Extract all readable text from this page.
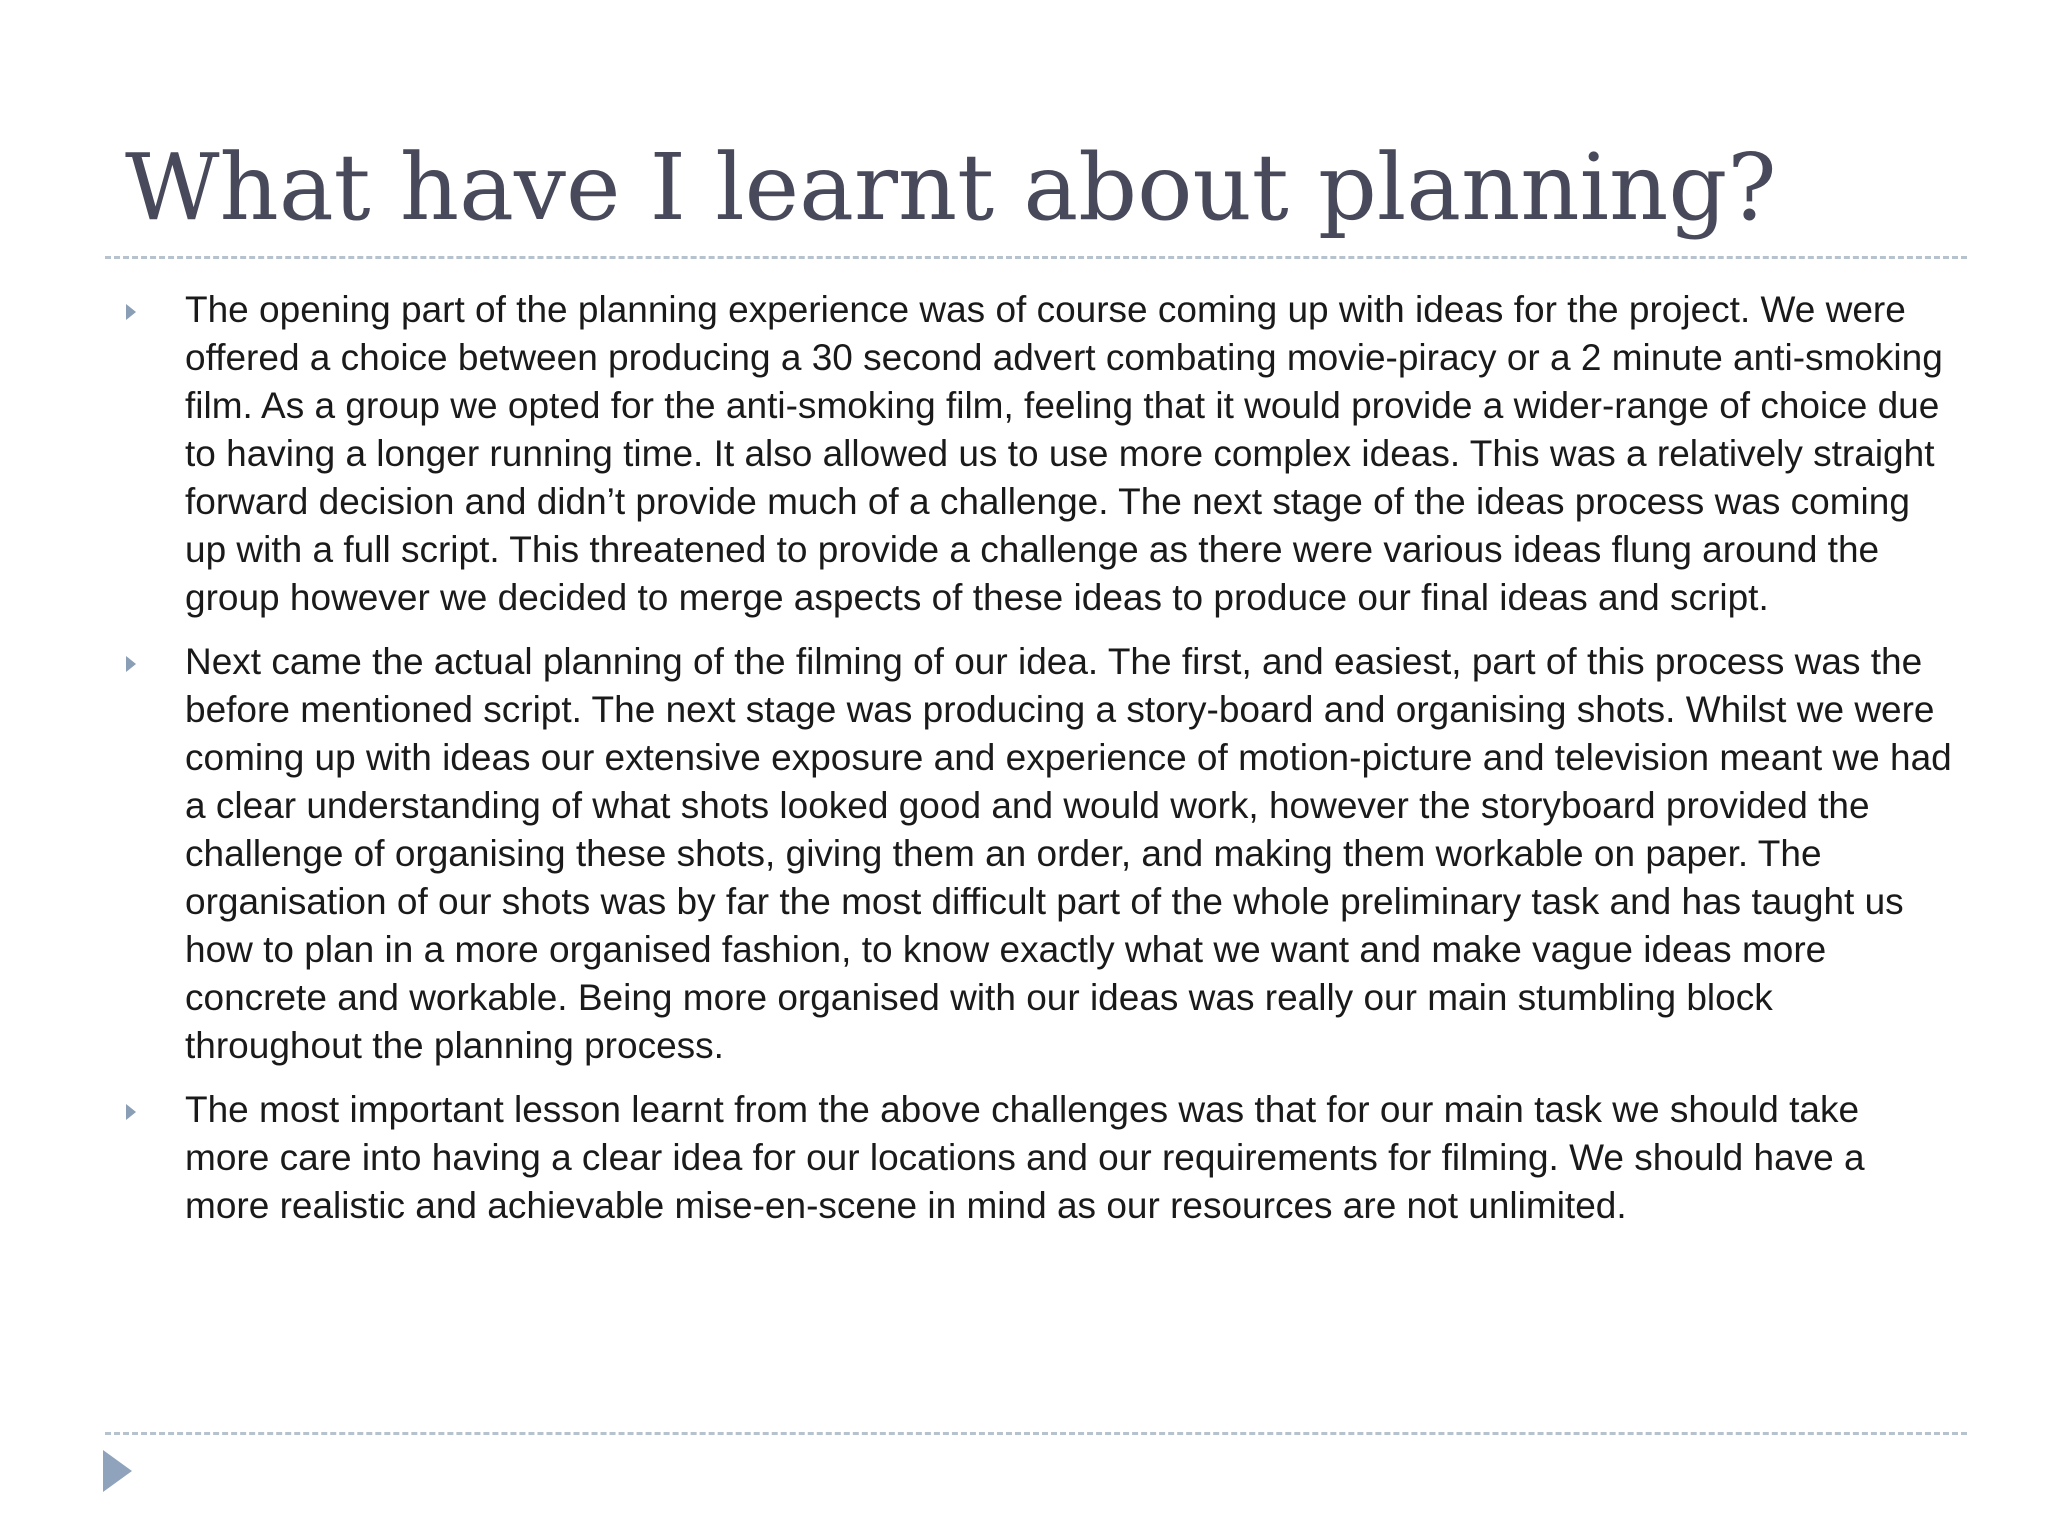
What have I learnt about planning?
The opening part of the planning experience was of course coming up with ideas for the project. We were offered a choice between producing a 30 second advert combating movie-piracy or a 2 minute anti-smoking film. As a group we opted for the anti-smoking film, feeling that it would provide a wider-range of choice due to having a longer running time. It also allowed us to use more complex ideas. This was a relatively straight forward decision and didn’t provide much of a challenge. The next stage of the ideas process was coming up with a full script. This threatened to provide a challenge as there were various ideas flung around the group however we decided to merge aspects of these ideas to produce our final ideas and script.
Next came the actual planning of the filming of our idea. The first, and easiest, part of this process was the before mentioned script. The next stage was producing a story-board and organising shots. Whilst we were coming up with ideas our extensive exposure and experience of motion-picture and television meant we had a clear understanding of what shots looked good and would work, however the storyboard provided the challenge of organising these shots, giving them an order, and making them workable on paper. The organisation of our shots was by far the most difficult part of the whole preliminary task and has taught us how to plan in a more organised fashion, to know exactly what we want and make vague ideas more concrete and workable. Being more organised with our ideas was really our main stumbling block throughout the planning process.
The most important lesson learnt from the above challenges was that for our main task we should take more care into having a clear idea for our locations and our requirements for filming. We should have a more realistic and achievable mise-en-scene in mind as our resources are not unlimited.
